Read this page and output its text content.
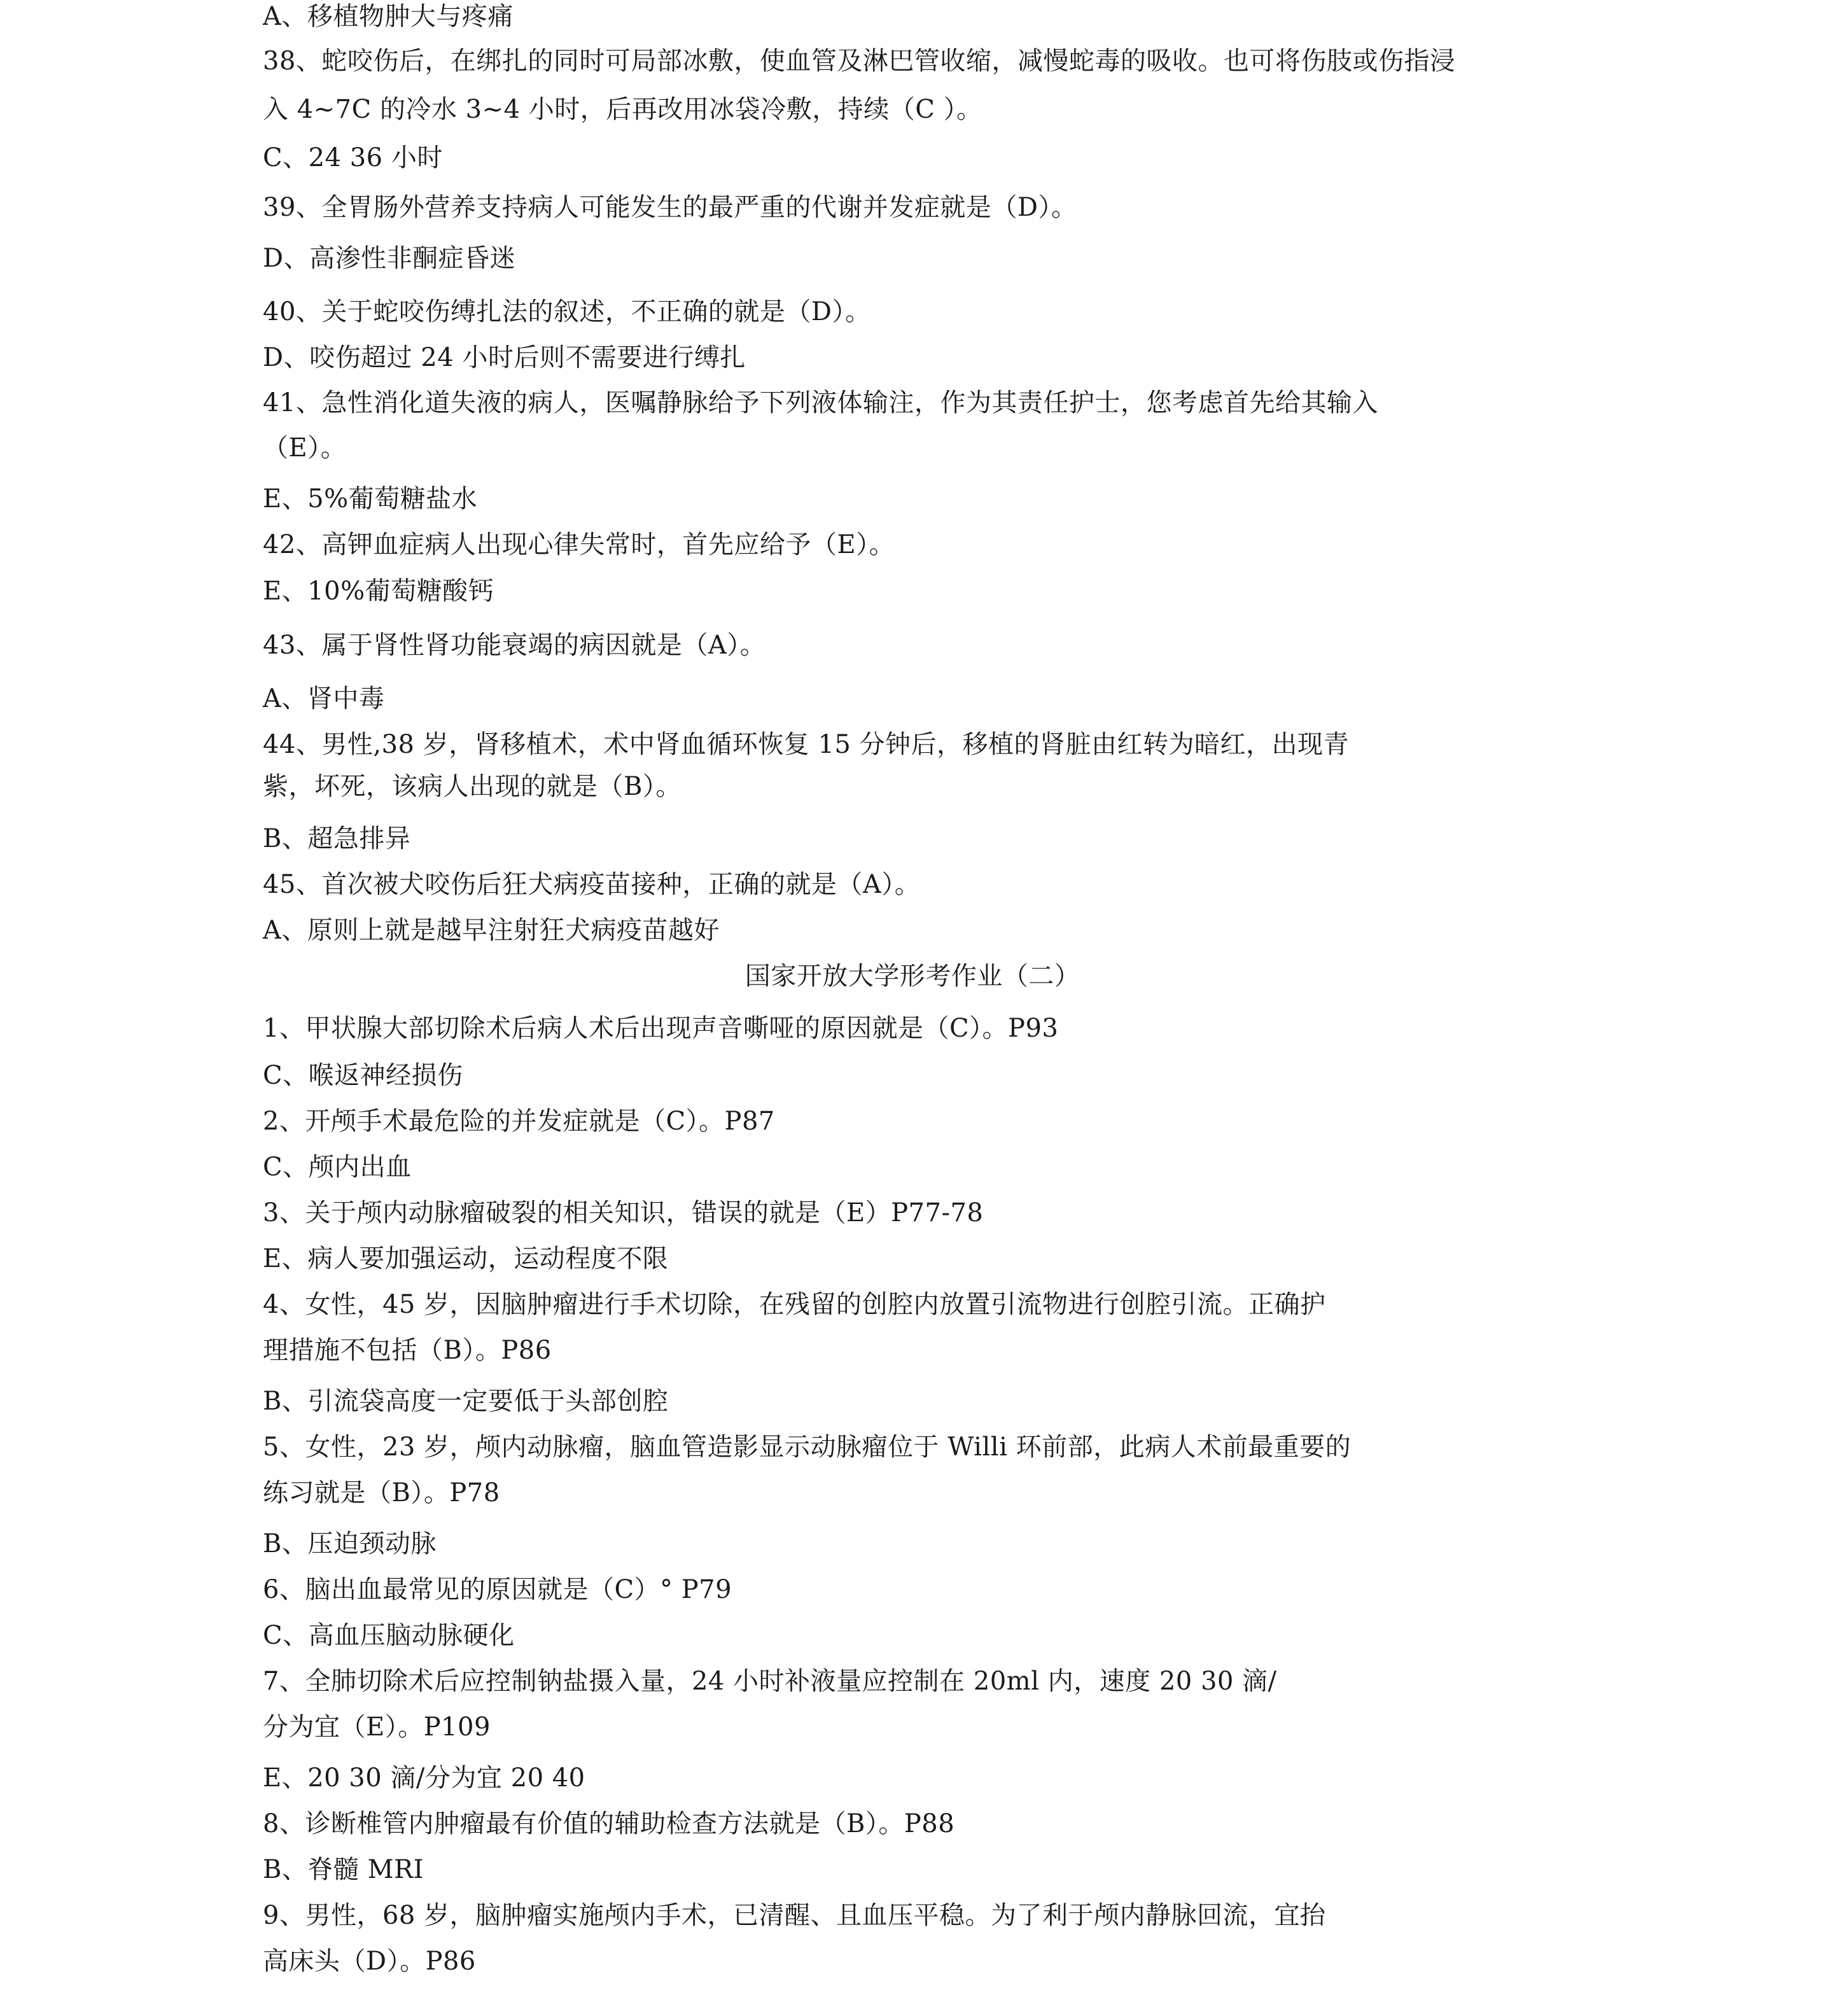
A、移植物肿大与疼痛

38、蛇咬伤后，在绑扎的同时可局部冰敷，使血管及淋巴管收缩，减慢蛇毒的吸收。也可将伤肢或伤指浸

入 4~7C 的冷水 3~4 小时，后再改用冰袋冷敷，持续（C ）。

C、24 36 小时

39、全胃肠外营养支持病人可能发生的最严重的代谢并发症就是（D）。

D、高渗性非酮症昏迷

40、关于蛇咬伤缚扎法的叙述，不正确的就是（D）。

D、咬伤超过 24 小时后则不需要进行缚扎

41、急性消化道失液的病人，医嘱静脉给予下列液体输注，作为其责任护士，您考虑首先给其输入

（E）。

E、5%葡萄糖盐水

42、高钾血症病人出现心律失常时，首先应给予（E）。

E、10%葡萄糖酸钙

43、属于肾性肾功能衰竭的病因就是（A）。

A、肾中毒

44、男性,38 岁，肾移植术，术中肾血循环恢复 15 分钟后，移植的肾脏由红转为暗红，出现青

紫，坏死，该病人出现的就是（B）。

B、超急排异

45、首次被犬咬伤后狂犬病疫苗接种，正确的就是（A）。

A、原则上就是越早注射狂犬病疫苗越好

国家开放大学形考作业（二）

1、甲状腺大部切除术后病人术后出现声音嘶哑的原因就是（C）。P93

C、喉返神经损伤

2、开颅手术最危险的并发症就是（C）。P87

C、颅内出血

3、关于颅内动脉瘤破裂的相关知识，错误的就是（E）P77-78

E、病人要加强运动，运动程度不限

4、女性，45 岁，因脑肿瘤进行手术切除，在残留的创腔内放置引流物进行创腔引流。正确护

理措施不包括（B）。P86

B、引流袋高度一定要低于头部创腔

5、女性，23 岁，颅内动脉瘤，脑血管造影显示动脉瘤位于 Willi 环前部，此病人术前最重要的

练习就是（B）。P78

B、压迫颈动脉

6、脑出血最常见的原因就是（C）° P79

C、高血压脑动脉硬化

7、全肺切除术后应控制钠盐摄入量，24 小时补液量应控制在 20ml 内，速度 20 30 滴/

分为宜（E）。P109

E、20 30 滴/分为宜 20 40

8、诊断椎管内肿瘤最有价值的辅助检查方法就是（B）。P88

B、脊髓 MRI

9、男性，68 岁，脑肿瘤实施颅内手术，已清醒、且血压平稳。为了利于颅内静脉回流，宜抬

高床头（D）。P86
